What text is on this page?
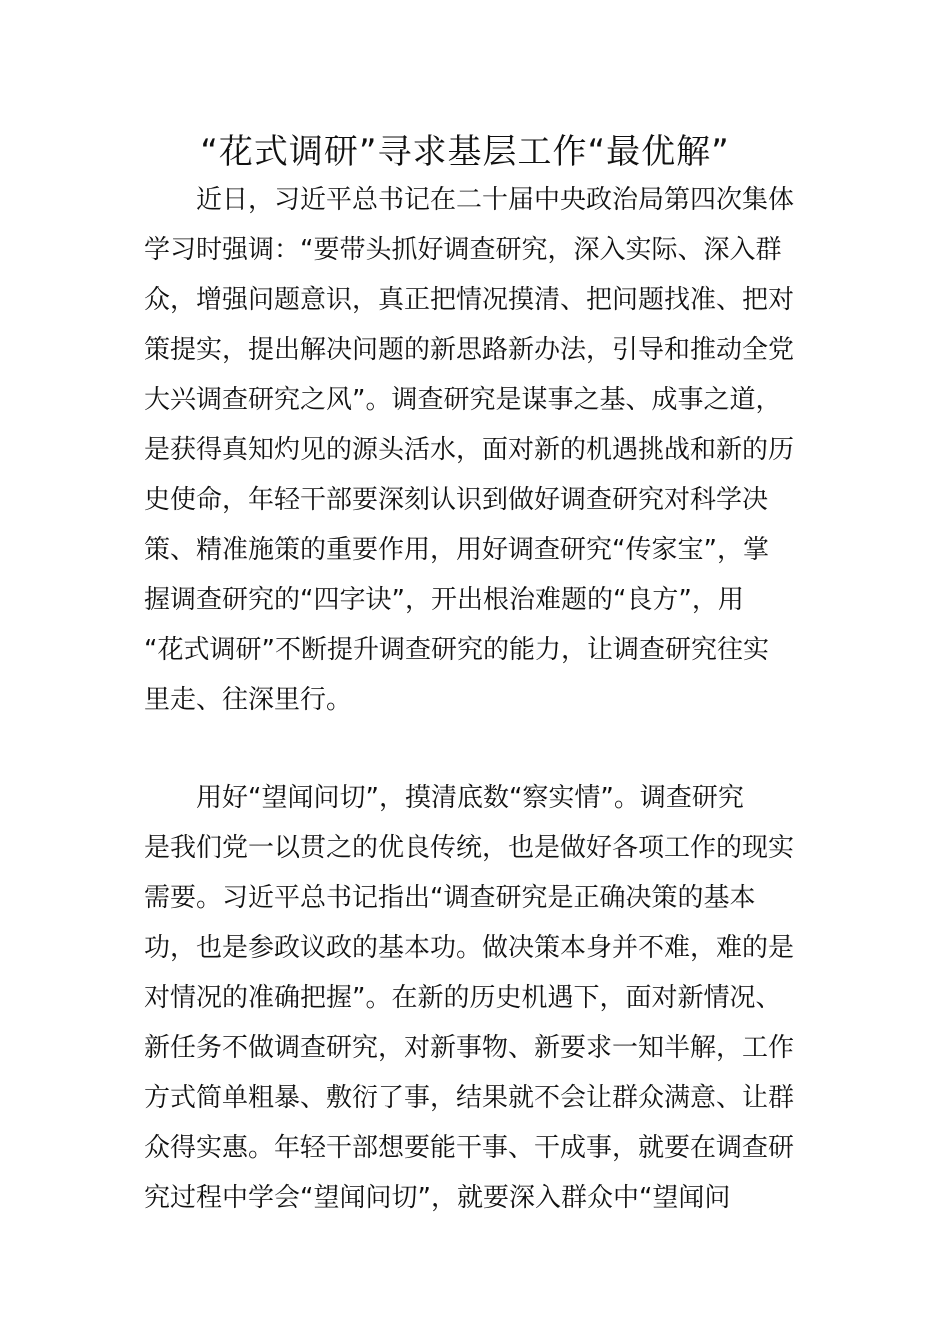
“花式调研”寻求基层工作“最优解”
近日，习近平总书记在二十届中央政治局第四次集体
学习时强调：“要带头抓好调查研究，深入实际、深入群
众，增强问题意识，真正把情况摸清、把问题找准、把对
策提实，提出解决问题的新思路新办法，引导和推动全党
大兴调查研究之风”。调查研究是谋事之基、成事之道，
是获得真知灼见的源头活水，面对新的机遇挑战和新的历
史使命，年轻干部要深刻认识到做好调查研究对科学决
策、精准施策的重要作用，用好调查研究“传家宝”，掌
握调查研究的“四字诀”，开出根治难题的“良方”，用
“花式调研”不断提升调查研究的能力，让调查研究往实
里走、往深里行。
用好“望闻问切”，摸清底数“察实情”。调查研究
是我们党一以贯之的优良传统，也是做好各项工作的现实
需要。习近平总书记指出“调查研究是正确决策的基本
功，也是参政议政的基本功。做决策本身并不难，难的是
对情况的准确把握”。在新的历史机遇下，面对新情况、
新任务不做调查研究，对新事物、新要求一知半解，工作
方式简单粗暴、敷衍了事，结果就不会让群众满意、让群
众得实惠。年轻干部想要能干事、干成事，就要在调查研
究过程中学会“望闻问切”，就要深入群众中“望闻问
